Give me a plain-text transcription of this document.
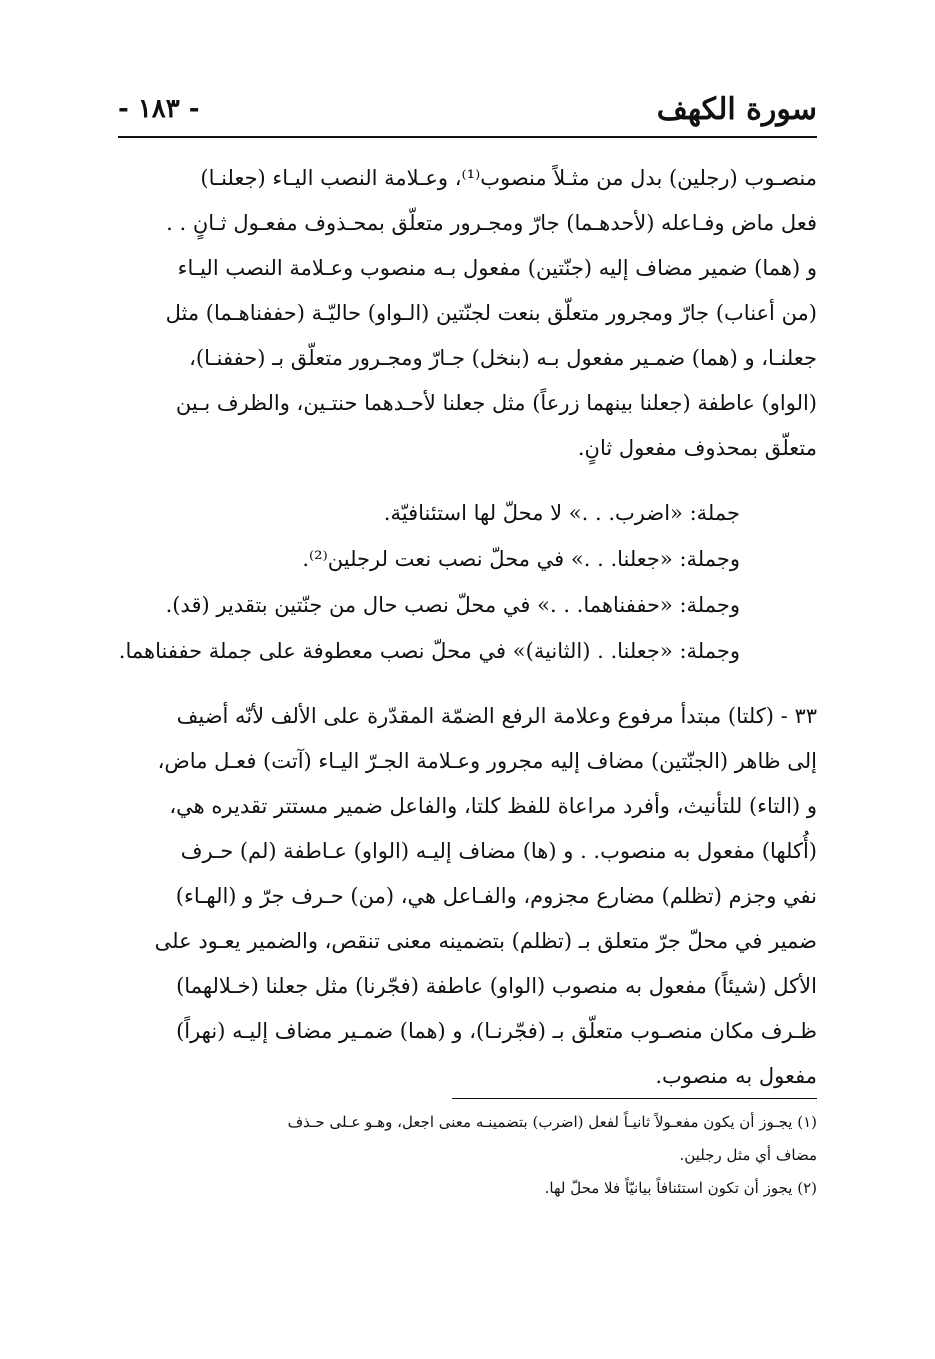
سورة الكهف
- ١٨٣ -

منصـوب (رجلين) بدل من مثـلاً منصوب⁽¹⁾، وعـلامة النصب اليـاء (جعلنـا)

فعل ماض وفـاعله (لأحدهـما) جارّ ومجـرور متعلّق بمحـذوف مفعـول ثـانٍ . .

و (هما) ضمير مضاف إليه (جنّتين) مفعول بـه منصوب وعـلامة النصب اليـاء

(من أعناب) جارّ ومجرور متعلّق بنعت لجنّتين (الـواو) حاليّـة (حففناهـما) مثل

جعلنـا، و (هما) ضمـير مفعول بـه (بنخل) جـارّ ومجـرور متعلّق بـ (حففنـا)،

(الواو) عاطفة (جعلنا بينهما زرعاً) مثل جعلنا لأحـدهما حنتـين، والظرف بـين

متعلّق بمحذوف مفعول ثانٍ.

جملة: «اضرب. . .» لا محلّ لها استئنافيّة.

وجملة: «جعلنا. . .» في محلّ نصب نعت لرجلين⁽²⁾.

وجملة: «حففناهما. . .» في محلّ نصب حال من جنّتين بتقدير (قد).

وجملة: «جعلنا. . (الثانية)» في محلّ نصب معطوفة على جملة حففناهما.

٣٣ - (كلتا) مبتدأ مرفوع وعلامة الرفع الضمّة المقدّرة على الألف لأنّه أضيف

إلى ظاهر (الجنّتين) مضاف إليه مجرور وعـلامة الجـرّ اليـاء (آتت) فعـل ماض،

و (التاء) للتأنيث، وأفرد مراعاة للفظ كلتا، والفاعل ضمير مستتر تقديره هي،

(أُكلها) مفعول به منصوب. . و (ها) مضاف إليـه (الواو) عـاطفة (لم) حـرف

نفي وجزم (تظلم) مضارع مجزوم، والفـاعل هي، (من) حـرف جرّ و (الهـاء)

ضمير في محلّ جرّ متعلق بـ (تظلم) بتضمينه معنى تنقص، والضمير يعـود على

الأكل (شيئاً) مفعول به منصوب (الواو) عاطفة (فجّرنا) مثل جعلنا (خـلالهما)

ظـرف مكان منصـوب متعلّق بـ (فجّرنـا)، و (هما) ضمـير مضاف إليـه (نهراً)

مفعول به منصوب.

(١) يجـوز أن يكون مفعـولاً ثانيـاً لفعل (اضرب) بتضمينـه معنى اجعل، وهـو عـلى حـذف

مضاف أي مثل رجلين.

(٢) يجوز أن تكون استئنافاً بيانيّاً فلا محلّ لها.
